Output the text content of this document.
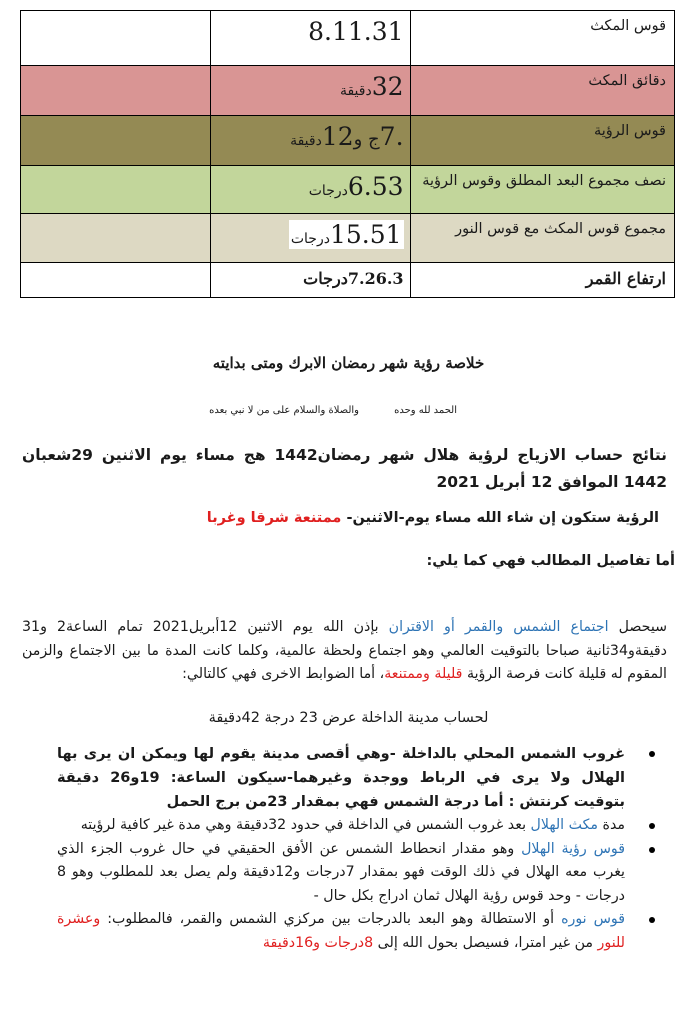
قوس المكث	8.11.31	
دقائق المكث	32دقيقة	
قوس الرؤية	.7ج و12دقيقة	
نصف مجموع البعد المطلق وقوس الرؤية	6.53درجات	
مجموع قوس المكث مع قوس النور	15.51درجات	
ارتفاع القمر	7.26.3درجات	
خلاصة رؤية شهر رمضان الابرك ومتى بدايته
الحمد لله وحده
والصلاة والسلام على من لا نبي بعده
نتائج حساب الازياج لرؤية هلال شهر رمضان1442 هج مساء يوم الاثنين 29شعبان 1442 الموافق 12 أبريل 2021
الرؤية ستكون إن شاء الله مساء يوم-الاثنين- ممتنعة شرقا وغربا
أما تفاصيل المطالب فهي كما يلي:
سيحصل اجتماع الشمس والقمر أو الاقتران بإذن الله يوم الاثنين 12أبريل2021 تمام الساعة2 و31 دقيقةو34ثانية صباحا بالتوقيت العالمي وهو اجتماع ولحظة عالمية، وكلما كانت المدة ما بين الاجتماع والزمن المقوم له قليلة كانت فرصة الرؤية قليلة وممتنعة، أما الضوابط الاخرى فهي كالتالي:
لحساب مدينة الداخلة عرض 23 درجة 42دقيقة
غروب الشمس المحلي بالداخلة -وهي أقصى مدينة يقوم لها ويمكن ان يرى بها الهلال ولا يرى في الرباط ووجدة وغيرهما-سيكون الساعة: 19و26 دقيقة بتوقيت كرنتش : أما درجة الشمس فهي بمقدار 23من برج الحمل
مدة مكث الهلال بعد غروب الشمس في الداخلة في حدود 32دقيقة وهي مدة غير كافية لرؤيته
قوس رؤية الهلال وهو مقدار انحطاط الشمس عن الأفق الحقيقي في حال غروب الجزء الذي يغرب معه الهلال في ذلك الوقت فهو بمقدار 7درجات و12دقيقة ولم يصل بعد للمطلوب وهو 8 درجات - وحد قوس رؤية الهلال ثمان ادراج بكل حال -
قوس نوره أو الاستطالة وهو البعد بالدرجات بين مركزي الشمس والقمر، فالمطلوب: وعشرة للنور من غير امترا، فسيصل بحول الله إلى 8درجات و16دقيقة
